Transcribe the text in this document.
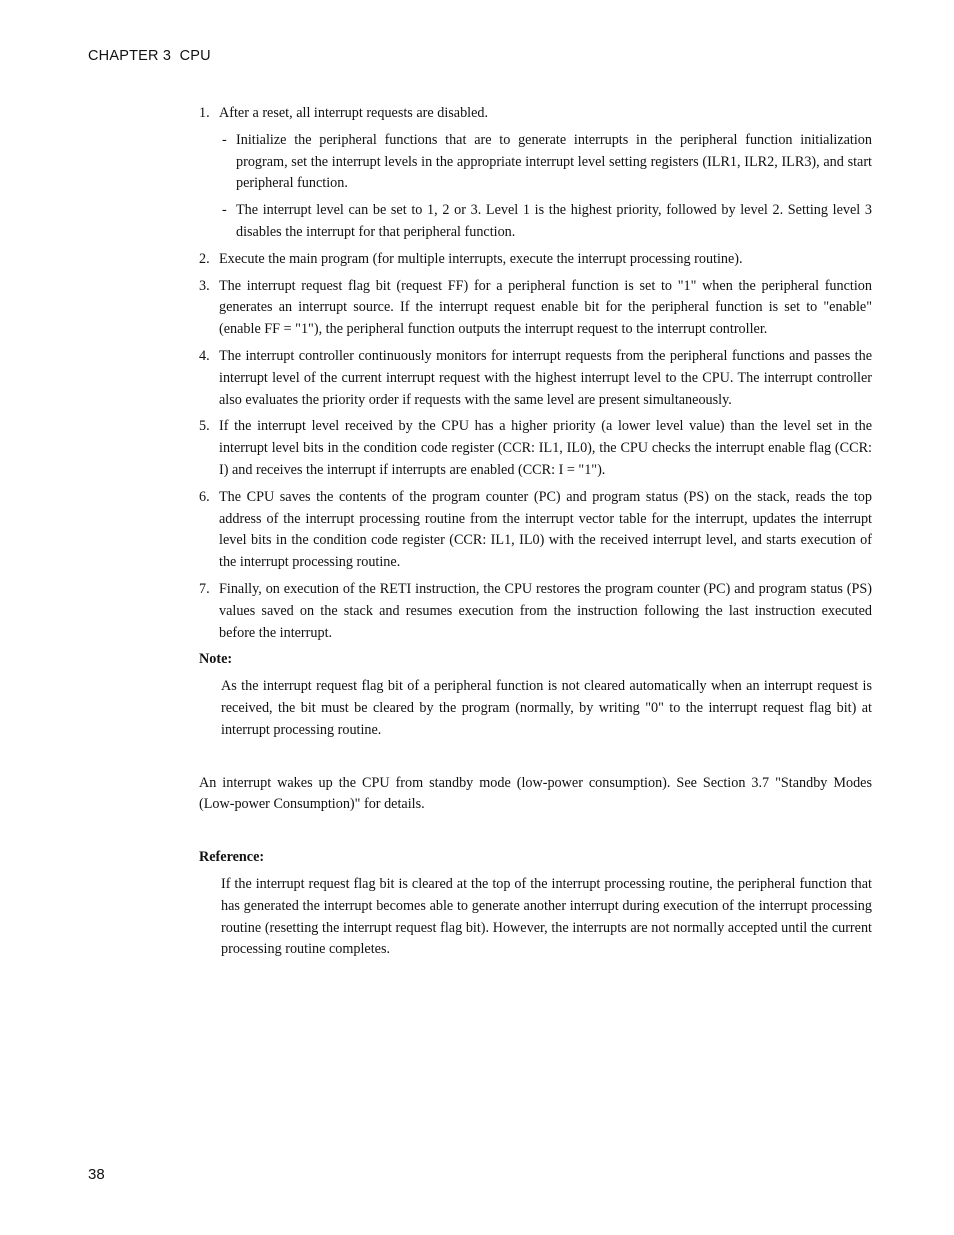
CHAPTER 3  CPU
1. After a reset, all interrupt requests are disabled.
- Initialize the peripheral functions that are to generate interrupts in the peripheral function initialization program, set the interrupt levels in the appropriate interrupt level setting registers (ILR1, ILR2, ILR3), and start peripheral function.
- The interrupt level can be set to 1, 2 or 3. Level 1 is the highest priority, followed by level 2. Setting level 3 disables the interrupt for that peripheral function.
2. Execute the main program (for multiple interrupts, execute the interrupt processing routine).
3. The interrupt request flag bit (request FF) for a peripheral function is set to "1" when the peripheral function generates an interrupt source. If the interrupt request enable bit for the peripheral function is set to "enable" (enable FF = "1"), the peripheral function outputs the interrupt request to the interrupt controller.
4. The interrupt controller continuously monitors for interrupt requests from the peripheral functions and passes the interrupt level of the current interrupt request with the highest interrupt level to the CPU. The interrupt controller also evaluates the priority order if requests with the same level are present simultaneously.
5. If the interrupt level received by the CPU has a higher priority (a lower level value) than the level set in the interrupt level bits in the condition code register (CCR: IL1, IL0), the CPU checks the interrupt enable flag (CCR: I) and receives the interrupt if interrupts are enabled (CCR: I = "1").
6. The CPU saves the contents of the program counter (PC) and program status (PS) on the stack, reads the top address of the interrupt processing routine from the interrupt vector table for the interrupt, updates the interrupt level bits in the condition code register (CCR: IL1, IL0) with the received interrupt level, and starts execution of the interrupt processing routine.
7. Finally, on execution of the RETI instruction, the CPU restores the program counter (PC) and program status (PS) values saved on the stack and resumes execution from the instruction following the last instruction executed before the interrupt.

Note:

As the interrupt request flag bit of a peripheral function is not cleared automatically when an interrupt request is received, the bit must be cleared by the program (normally, by writing "0" to the interrupt request flag bit) at interrupt processing routine.

An interrupt wakes up the CPU from standby mode (low-power consumption). See Section 3.7 "Standby Modes (Low-power Consumption)" for details.

Reference:

If the interrupt request flag bit is cleared at the top of the interrupt processing routine, the peripheral function that has generated the interrupt becomes able to generate another interrupt during execution of the interrupt processing routine (resetting the interrupt request flag bit). However, the interrupts are not normally accepted until the current processing routine completes.

38
